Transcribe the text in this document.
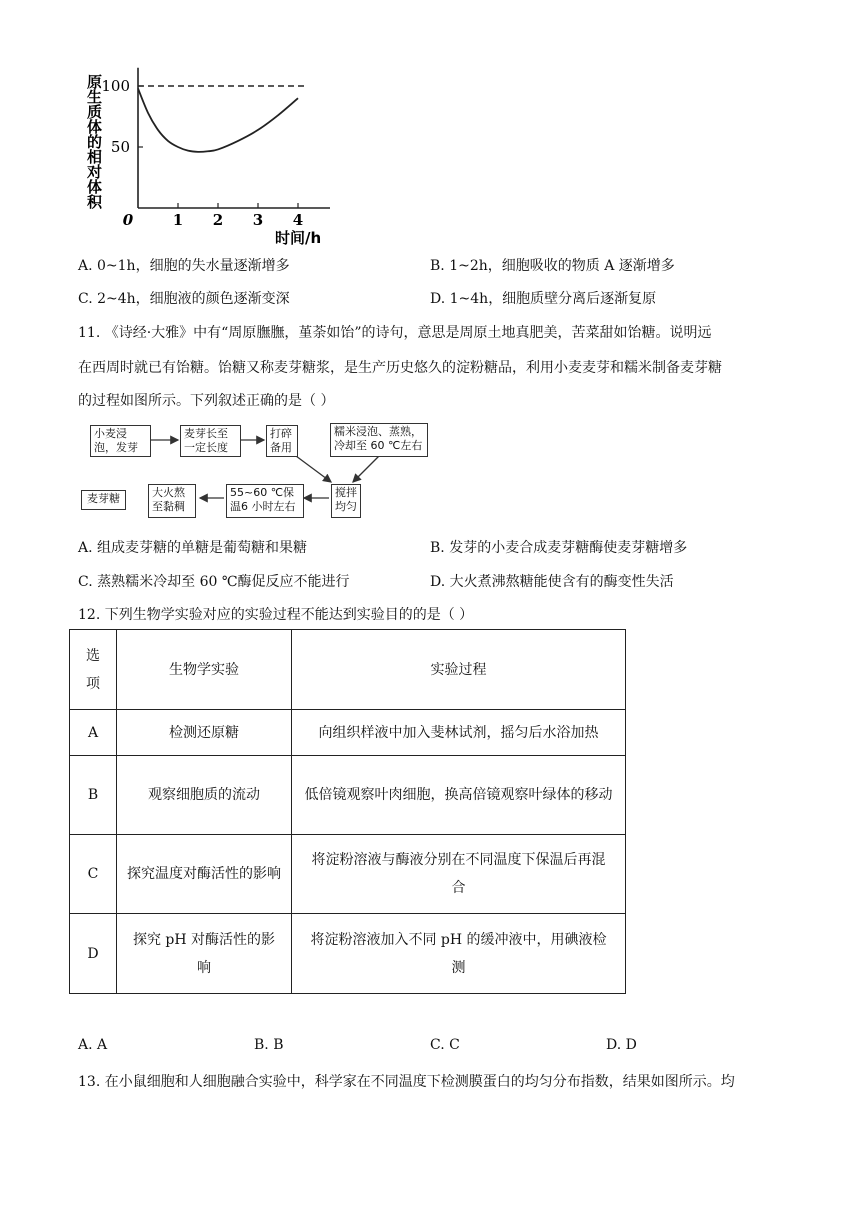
原生质体的相对体积
100
50
0	1 2 3 4
时间/h
A. 0~1h，细胞的失水量逐渐增多	B. 1~2h，细胞吸收的物质 A 逐渐增多
C. 2~4h，细胞液的颜色逐渐变深	D. 1~4h，细胞质壁分离后逐渐复原
11. 《诗经·大雅》中有“周原膴膴，堇荼如饴”的诗句，意思是周原土地真肥美，苦菜甜如饴糖。说明远
在西周时就已有饴糖。饴糖又称麦芽糖浆，是生产历史悠久的淀粉糖品，利用小麦麦芽和糯米制备麦芽糖
的过程如图所示。下列叙述正确的是（ ）
小麦浸泡，发芽
麦芽长至一定长度
打碎备用
糯米浸泡、蒸熟，冷却至 60 ℃左右
搅拌均匀
55~60 ℃保温6 小时左右
大火熬至黏稠
麦芽糖
A. 组成麦芽糖的单糖是葡萄糖和果糖	B. 发芽的小麦合成麦芽糖酶使麦芽糖增多
C. 蒸熟糯米冷却至 60 ℃酶促反应不能进行	D. 大火煮沸熬糖能使含有的酶变性失活
12. 下列生物学实验对应的实验过程不能达到实验目的的是（ ）
选项	生物学实验	实验过程
A	检测还原糖	向组织样液中加入斐林试剂，摇匀后水浴加热
B	观察细胞质的流动	低倍镜观察叶肉细胞，换高倍镜观察叶绿体的移动

C	探究温度对酶活性的影响	将淀粉溶液与酶液分别在不同温度下保温后再混合

D	探究 pH 对酶活性的影响	将淀粉溶液加入不同 pH 的缓冲液中，用碘液检测
A. A	B. B	C. C	D. D
13. 在小鼠细胞和人细胞融合实验中，科学家在不同温度下检测膜蛋白的均匀分布指数，结果如图所示。均
